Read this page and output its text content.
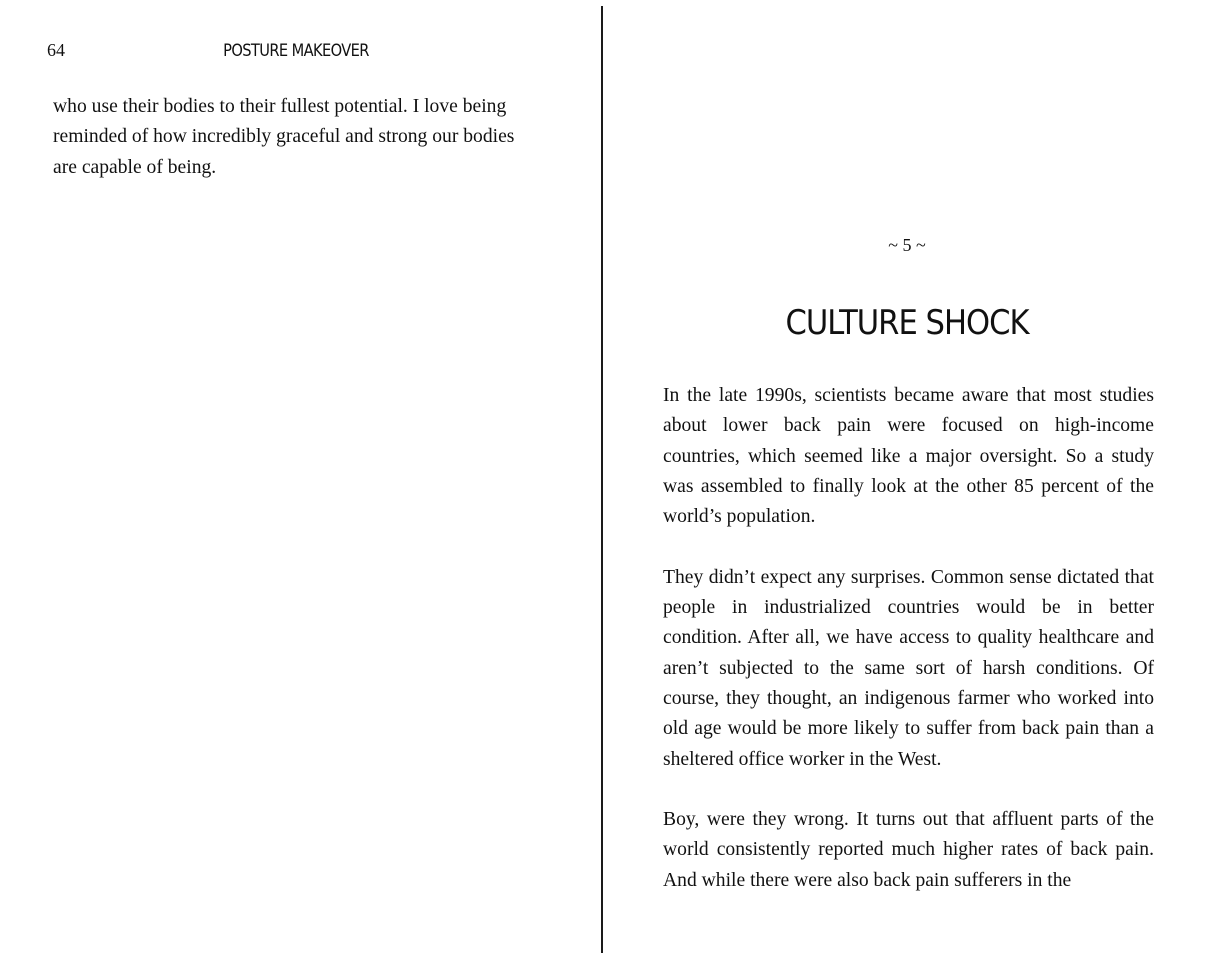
64	POSTURE MAKEOVER
who use their bodies to their fullest potential. I love being reminded of how incredibly graceful and strong our bodies are capable of being.
~ 5 ~
CULTURE SHOCK

In the late 1990s, scientists became aware that most studies about lower back pain were focused on high-income countries, which seemed like a major oversight. So a study was assembled to finally look at the other 85 percent of the world’s population.

They didn’t expect any surprises. Common sense dictated that people in industrialized countries would be in better condition. After all, we have access to quality healthcare and aren’t subjected to the same sort of harsh conditions. Of course, they thought, an indigenous farmer who worked into old age would be more likely to suffer from back pain than a sheltered office worker in the West.

Boy, were they wrong. It turns out that affluent parts of the world consistently reported much higher rates of back pain. And while there were also back pain sufferers in the
